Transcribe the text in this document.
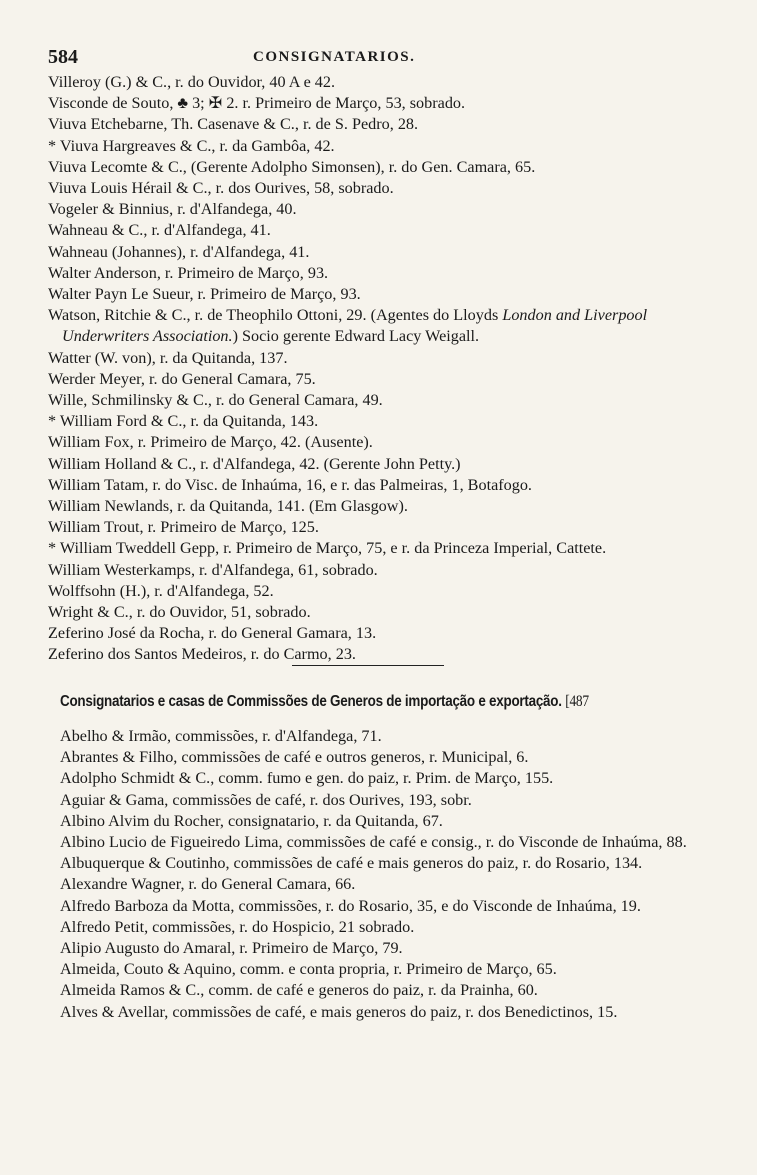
584	CONSIGNATARIOS.
Villeroy (G.) & C., r. do Ouvidor, 40 A e 42.
Visconde de Souto, ♣ 3; ✠ 2. r. Primeiro de Março, 53, sobrado.
Viuva Etchebarne, Th. Casenave & C., r. de S. Pedro, 28.
* Viuva Hargreaves & C., r. da Gambôa, 42.
Viuva Lecomte & C., (Gerente Adolpho Simonsen), r. do Gen. Camara, 65.
Viuva Louis Hérail & C., r. dos Ourives, 58, sobrado.
Vogeler & Binnius, r. d'Alfandega, 40.
Wahneau & C., r. d'Alfandega, 41.
Wahneau (Johannes), r. d'Alfandega, 41.
Walter Anderson, r. Primeiro de Março, 93.
Walter Payn Le Sueur, r. Primeiro de Março, 93.
Watson, Ritchie & C., r. de Theophilo Ottoni, 29. (Agentes do Lloyds London and Liverpool Underwriters Association.) Socio gerente Edward Lacy Weigall.
Watter (W. von), r. da Quitanda, 137.
Werder Meyer, r. do General Camara, 75.
Wille, Schmilinsky & C., r. do General Camara, 49.
* William Ford & C., r. da Quitanda, 143.
William Fox, r. Primeiro de Março, 42. (Ausente).
William Holland & C., r. d'Alfandega, 42. (Gerente John Petty.)
William Tatam, r. do Visc. de Inhaúma, 16, e r. das Palmeiras, 1, Botafogo.
William Newlands, r. da Quitanda, 141. (Em Glasgow).
William Trout, r. Primeiro de Março, 125.
* William Tweddell Gepp, r. Primeiro de Março, 75, e r. da Princeza Imperial, Cattete.
William Westerkamps, r. d'Alfandega, 61, sobrado.
Wolffsohn (H.), r. d'Alfandega, 52.
Wright & C., r. do Ouvidor, 51, sobrado.
Zeferino José da Rocha, r. do General Gamara, 13.
Zeferino dos Santos Medeiros, r. do Carmo, 23.
Consignatarios e casas de Commissões de Generos de importação e exportação. [487
Abelho & Irmão, commissões, r. d'Alfandega, 71.
Abrantes & Filho, commissões de café e outros generos, r. Municipal, 6.
Adolpho Schmidt & C., comm. fumo e gen. do paiz, r. Prim. de Março, 155.
Aguiar & Gama, commissões de café, r. dos Ourives, 193, sobr.
Albino Alvim du Rocher, consignatario, r. da Quitanda, 67.
Albino Lucio de Figueiredo Lima, commissões de café e consig., r. do Visconde de Inhaúma, 88.
Albuquerque & Coutinho, commissões de café e mais generos do paiz, r. do Rosario, 134.
Alexandre Wagner, r. do General Camara, 66.
Alfredo Barboza da Motta, commissões, r. do Rosario, 35, e do Visconde de Inhaúma, 19.
Alfredo Petit, commissões, r. do Hospicio, 21 sobrado.
Alipio Augusto do Amaral, r. Primeiro de Março, 79.
Almeida, Couto & Aquino, comm. e conta propria, r. Primeiro de Março, 65.
Almeida Ramos & C., comm. de café e generos do paiz, r. da Prainha, 60.
Alves & Avellar, commissões de café, e mais generos do paiz, r. dos Benedictinos, 15.
